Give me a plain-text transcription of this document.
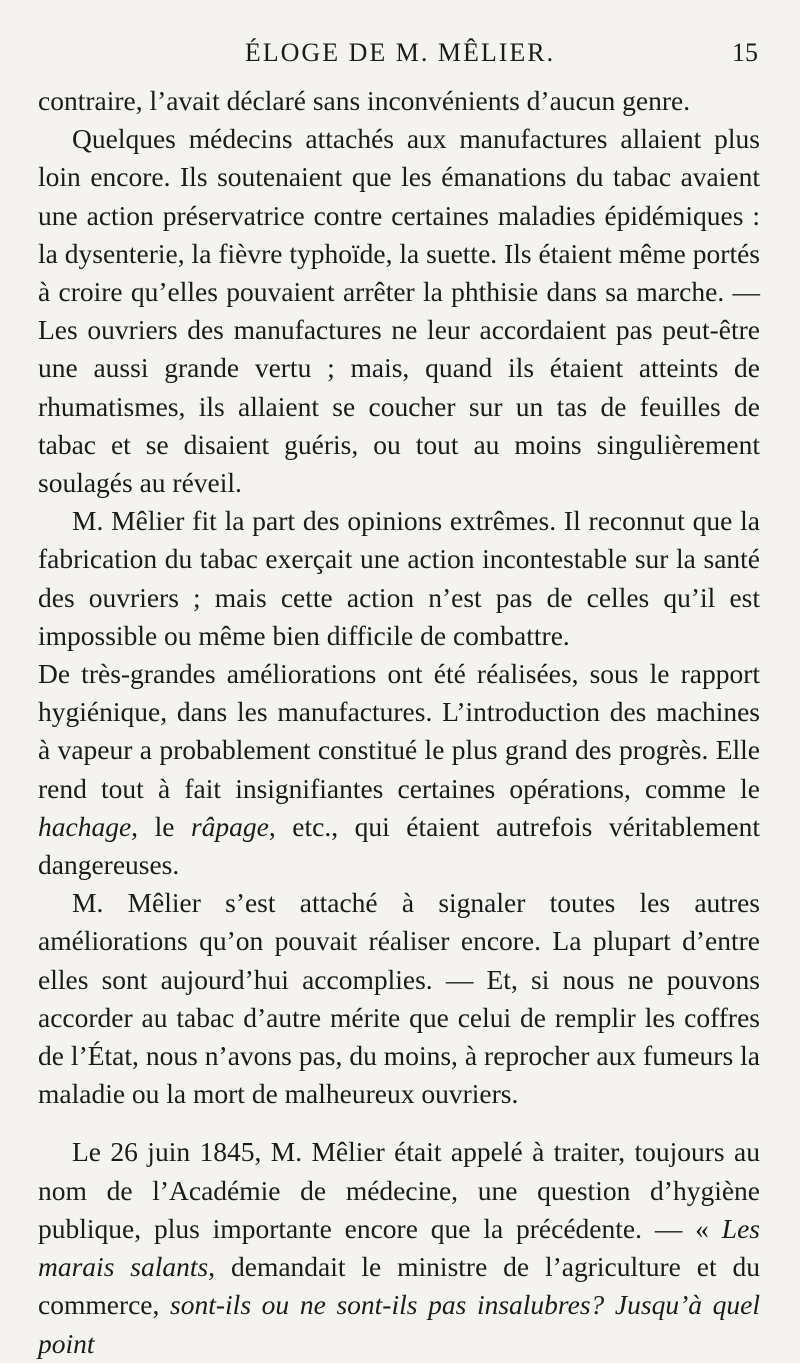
ÉLOGE DE M. MÊLIER.	15

contraire, l’avait déclaré sans inconvénients d’aucun genre.

Quelques médecins attachés aux manufactures allaient plus loin encore. Ils soutenaient que les émanations du tabac avaient une action préservatrice contre certaines maladies épidémiques : la dysenterie, la fièvre typhoïde, la suette. Ils étaient même portés à croire qu’elles pouvaient arrêter la phthisie dans sa marche. — Les ouvriers des manufactures ne leur accordaient pas peut-être une aussi grande vertu ; mais, quand ils étaient atteints de rhumatismes, ils allaient se coucher sur un tas de feuilles de tabac et se disaient guéris, ou tout au moins singulièrement soulagés au réveil.

M. Mêlier fit la part des opinions extrêmes. Il reconnut que la fabrication du tabac exerçait une action incontestable sur la santé des ouvriers ; mais cette action n’est pas de celles qu’il est impossible ou même bien difficile de combattre.

De très-grandes améliorations ont été réalisées, sous le rapport hygiénique, dans les manufactures. L’introduction des machines à vapeur a probablement constitué le plus grand des progrès. Elle rend tout à fait insignifiantes certaines opérations, comme le hachage, le râpage, etc., qui étaient autrefois véritablement dangereuses.

M. Mêlier s’est attaché à signaler toutes les autres améliorations qu’on pouvait réaliser encore. La plupart d’entre elles sont aujourd’hui accomplies. — Et, si nous ne pouvons accorder au tabac d’autre mérite que celui de remplir les coffres de l’État, nous n’avons pas, du moins, à reprocher aux fumeurs la maladie ou la mort de malheureux ouvriers.

Le 26 juin 1845, M. Mêlier était appelé à traiter, toujours au nom de l’Académie de médecine, une question d’hygiène publique, plus importante encore que la précédente. — « Les marais salants, demandait le ministre de l’agriculture et du commerce, sont-ils ou ne sont-ils pas insalubres? Jusqu’à quel point
